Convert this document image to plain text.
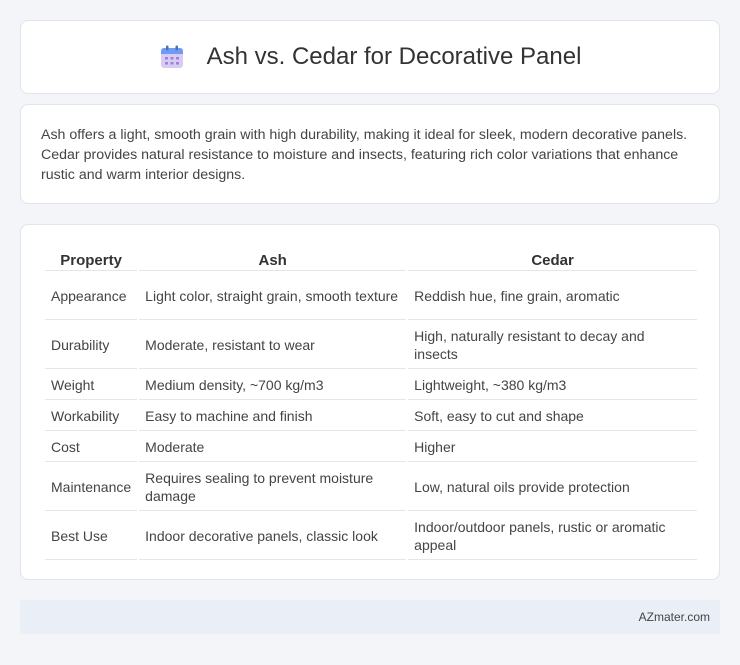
Ash vs. Cedar for Decorative Panel

Ash offers a light, smooth grain with high durability, making it ideal for sleek, modern decorative panels. Cedar provides natural resistance to moisture and insects, featuring rich color variations that enhance rustic and warm interior designs.

Property	Ash	Cedar
Appearance	Light color, straight grain, smooth texture	Reddish hue, fine grain, aromatic
Durability	Moderate, resistant to wear	High, naturally resistant to decay and insects
Weight	Medium density, ~700 kg/m3	Lightweight, ~380 kg/m3
Workability	Easy to machine and finish	Soft, easy to cut and shape
Cost	Moderate	Higher
Maintenance	Requires sealing to prevent moisture damage	Low, natural oils provide protection
Best Use	Indoor decorative panels, classic look	Indoor/outdoor panels, rustic or aromatic appeal
AZmater.com
